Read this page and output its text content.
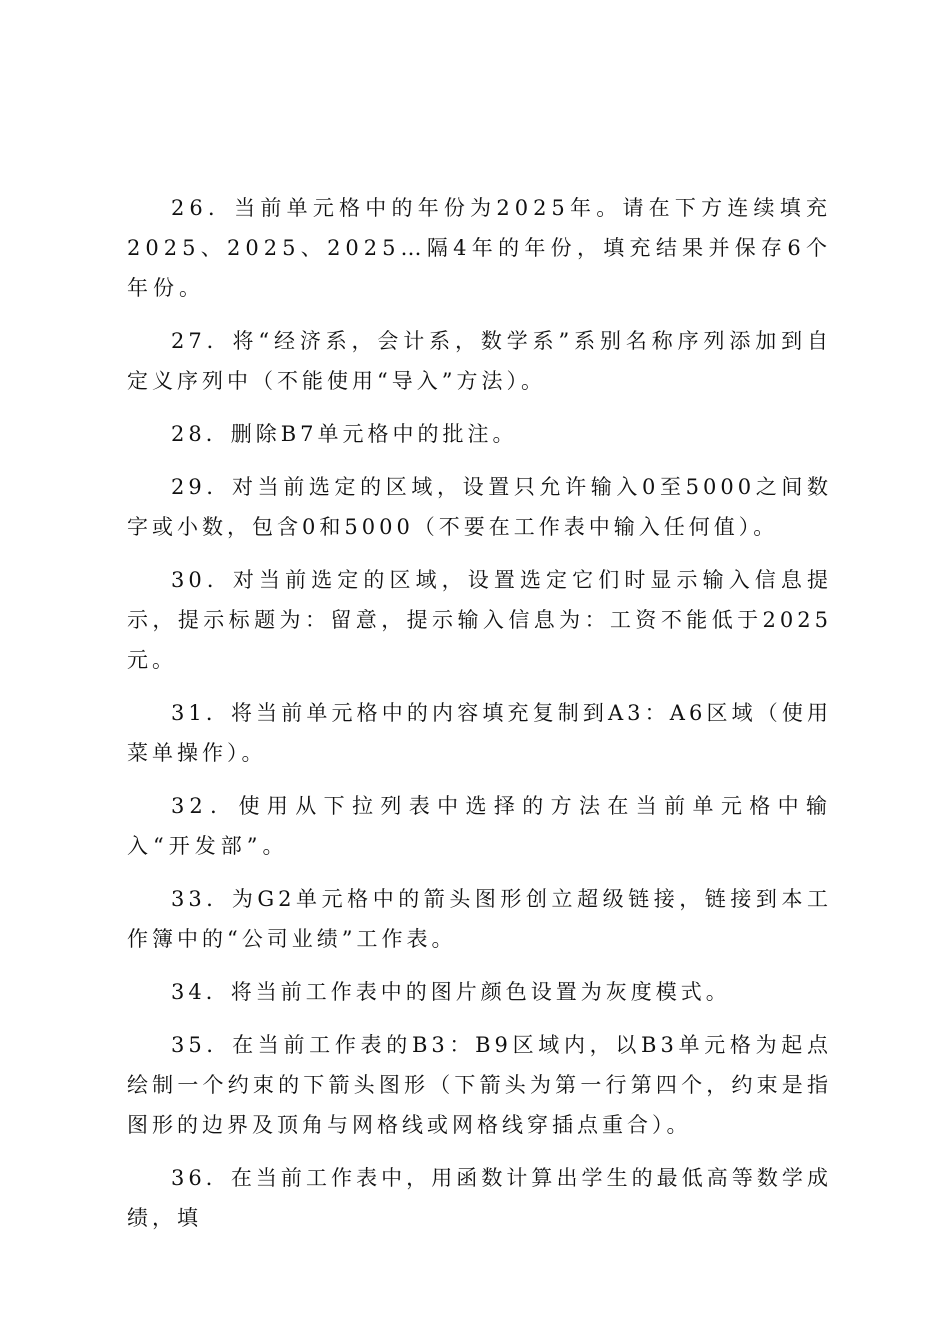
26．当前单元格中的年份为2025年。请在下方连续填充2025、2025、2025…隔4年的年份，填充结果并保存6个年份。

27．将“经济系，会计系，数学系”系别名称序列添加到自定义序列中（不能使用“导入”方法）。

28．删除B7单元格中的批注。

29．对当前选定的区域，设置只允许输入0至5000之间数字或小数，包含0和5000（不要在工作表中输入任何值）。

30．对当前选定的区域，设置选定它们时显示输入信息提示，提示标题为：留意，提示输入信息为：工资不能低于2025元。

31．将当前单元格中的内容填充复制到A3：A6区域（使用菜单操作）。

32．使用从下拉列表中选择的方法在当前单元格中输入“开发部”。

33．为G2单元格中的箭头图形创立超级链接，链接到本工作簿中的“公司业绩”工作表。

34．将当前工作表中的图片颜色设置为灰度模式。

35．在当前工作表的B3：B9区域内，以B3单元格为起点绘制一个约束的下箭头图形（下箭头为第一行第四个，约束是指图形的边界及顶角与网格线或网格线穿插点重合）。

36．在当前工作表中，用函数计算出学生的最低高等数学成绩，填
